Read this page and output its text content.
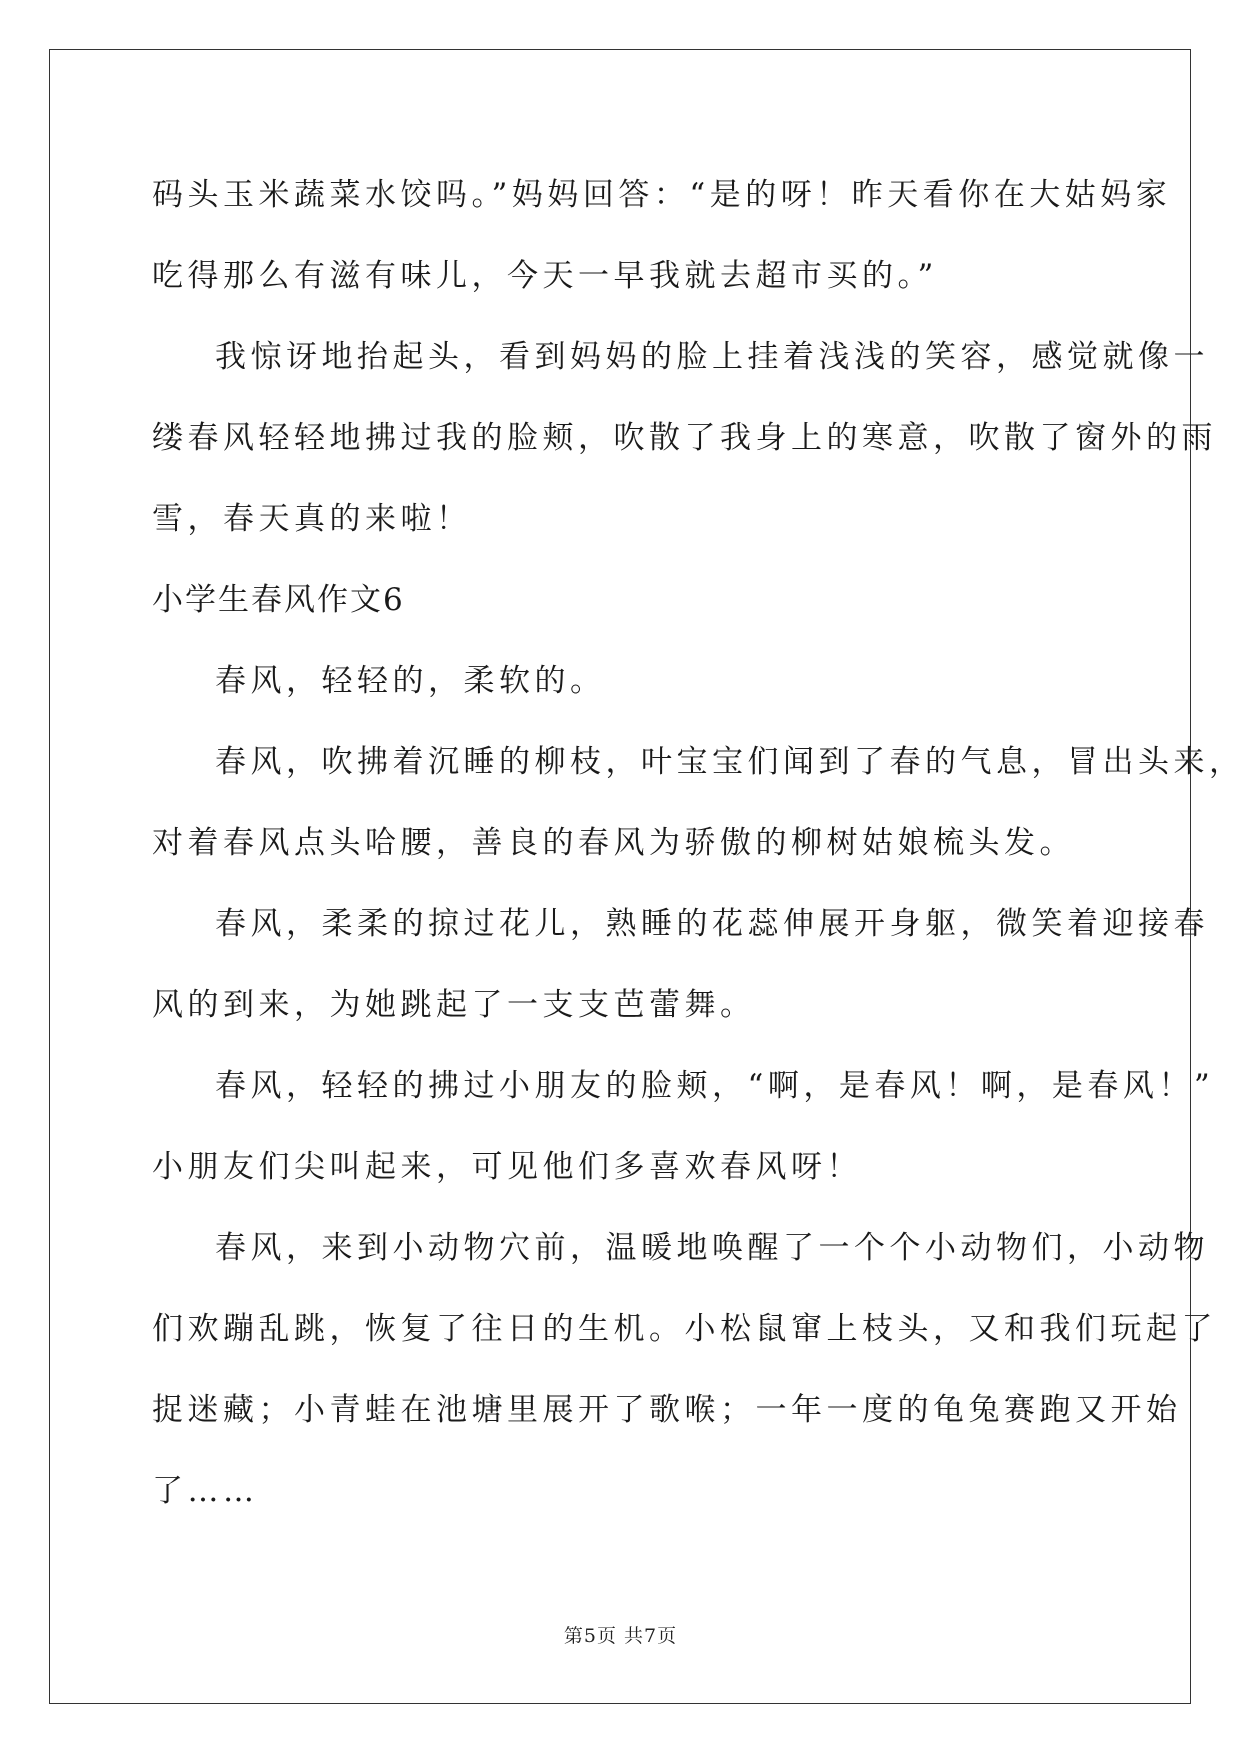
码头玉米蔬菜水饺吗。”妈妈回答：“是的呀！昨天看你在大姑妈家
吃得那么有滋有味儿，今天一早我就去超市买的。”
我惊讶地抬起头，看到妈妈的脸上挂着浅浅的笑容，感觉就像一
缕春风轻轻地拂过我的脸颊，吹散了我身上的寒意，吹散了窗外的雨
雪，春天真的来啦！
小学生春风作文6
春风，轻轻的，柔软的。
春风，吹拂着沉睡的柳枝，叶宝宝们闻到了春的气息，冒出头来，
对着春风点头哈腰，善良的春风为骄傲的柳树姑娘梳头发。
春风，柔柔的掠过花儿，熟睡的花蕊伸展开身躯，微笑着迎接春
风的到来，为她跳起了一支支芭蕾舞。
春风，轻轻的拂过小朋友的脸颊，“啊，是春风！啊，是春风！”
小朋友们尖叫起来，可见他们多喜欢春风呀！
春风，来到小动物穴前，温暖地唤醒了一个个小动物们，小动物
们欢蹦乱跳，恢复了往日的生机。小松鼠窜上枝头，又和我们玩起了
捉迷藏；小青蛙在池塘里展开了歌喉；一年一度的龟兔赛跑又开始
了……
第5页 共7页
